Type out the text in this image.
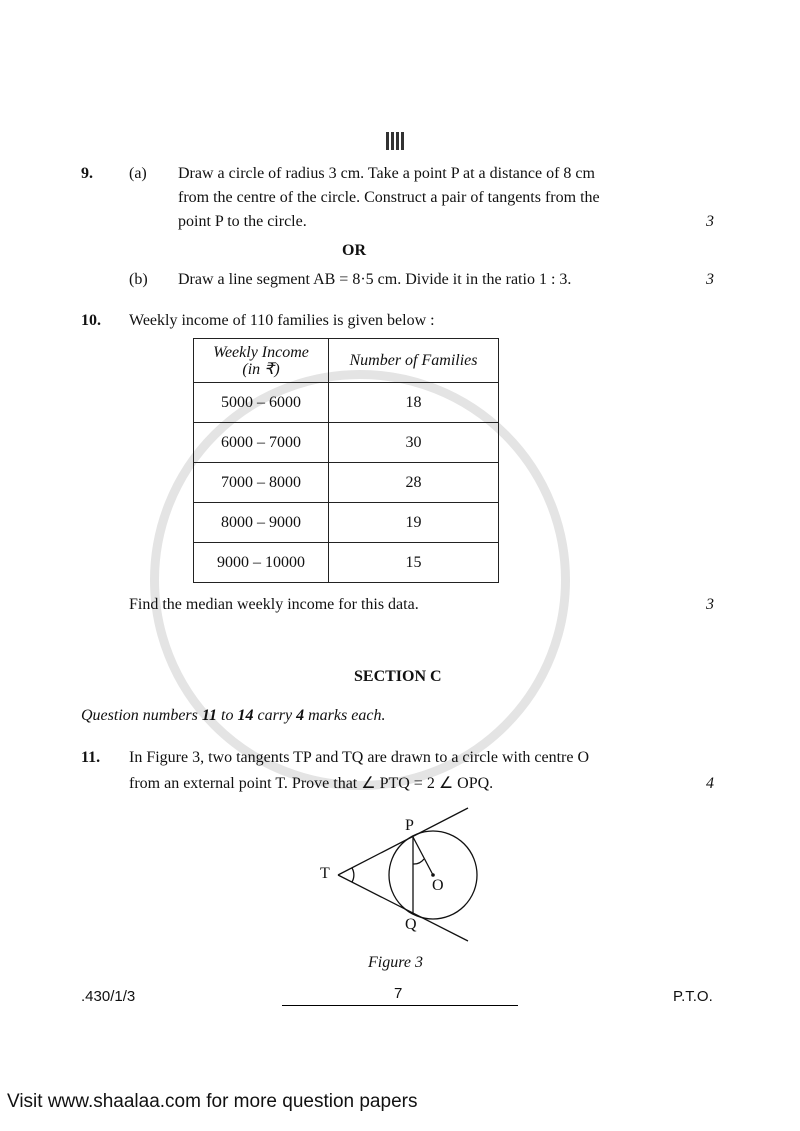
9. (a) Draw a circle of radius 3 cm. Take a point P at a distance of 8 cm
from the centre of the circle. Construct a pair of tangents from the
point P to the circle.	3
OR
(b) Draw a line segment AB = 8·5 cm. Divide it in the ratio 1 : 3.	3
10. Weekly income of 110 families is given below :
Weekly Income
(in ₹)	Number of Families
5000 – 6000	18
6000 – 7000	30
7000 – 8000	28
8000 – 9000	19
9000 – 10000	15
Find the median weekly income for this data.	3
SECTION C
Question numbers 11 to 14 carry 4 marks each.
11. In Figure 3, two tangents TP and TQ are drawn to a circle with centre O
from an external point T. Prove that ∠ PTQ = 2 ∠ OPQ.	4
P
T
O
Q
Figure 3
.430/1/3	7	P.T.O.
Visit www.shaalaa.com for more question papers
